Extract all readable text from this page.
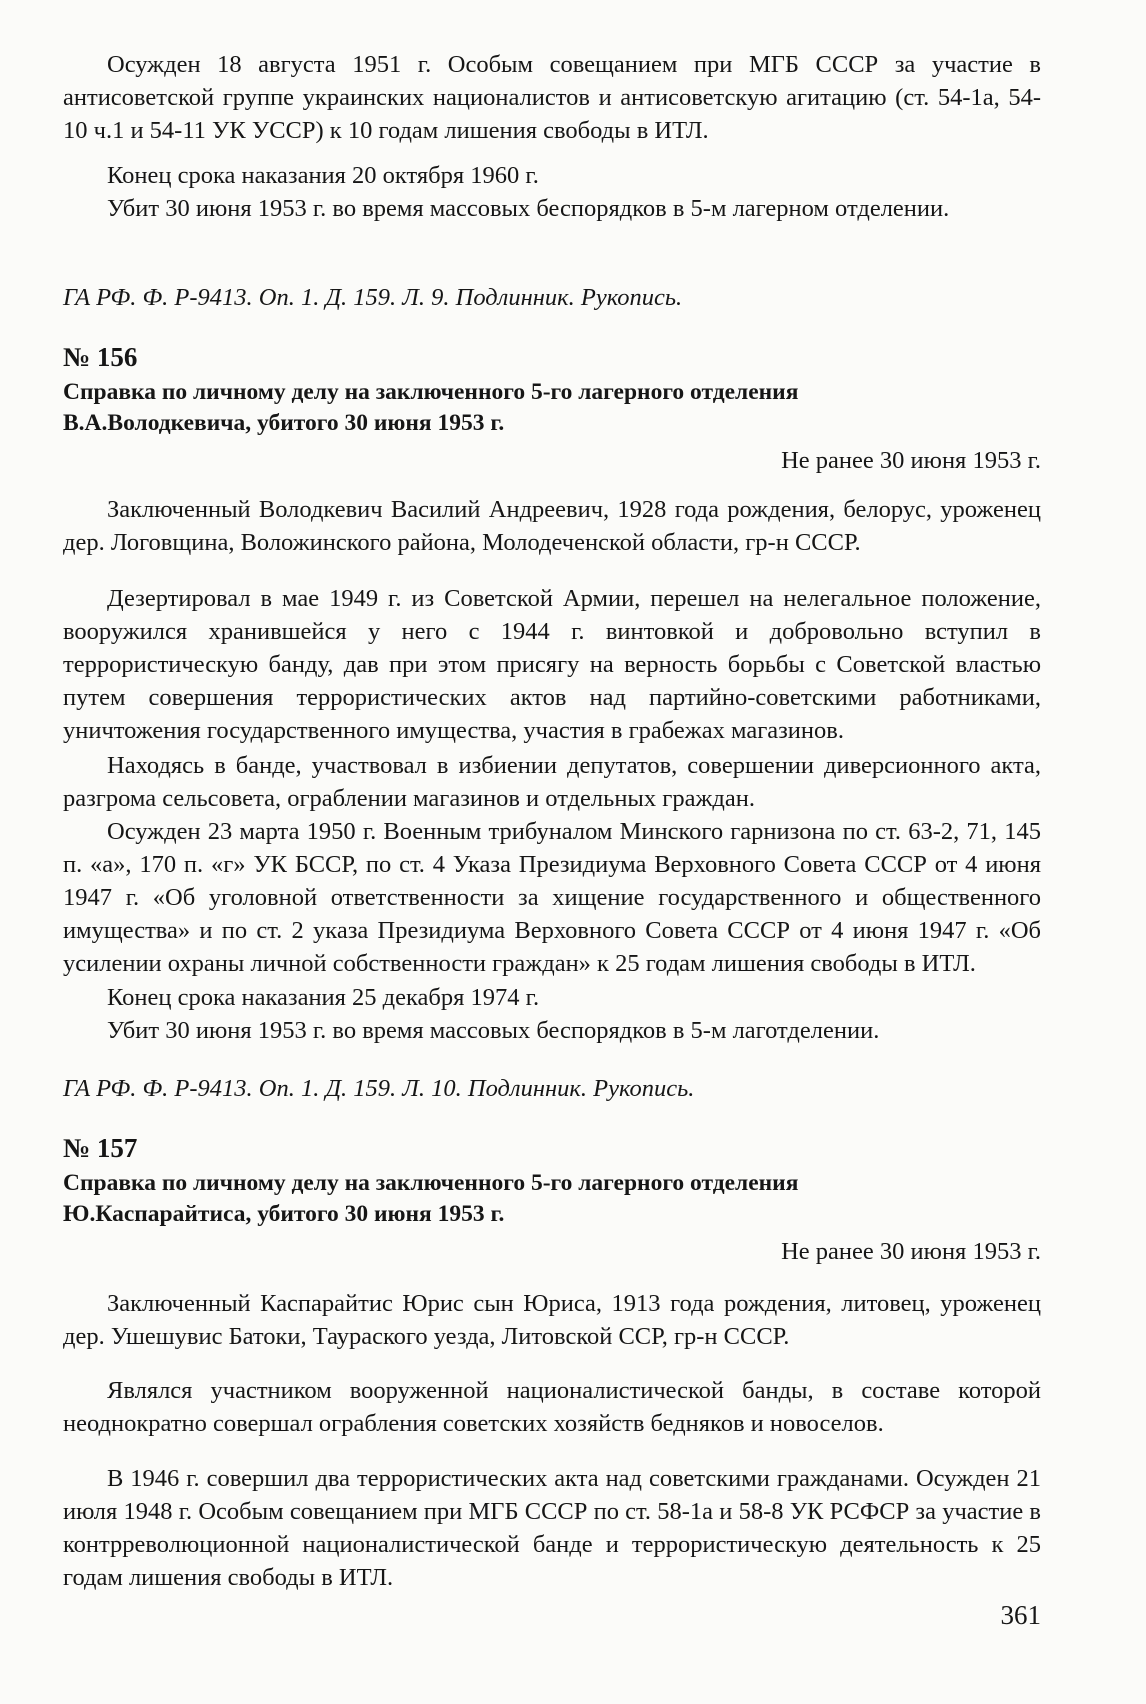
Осужден 18 августа 1951 г. Особым совещанием при МГБ СССР за участие в антисоветской группе украинских националистов и антисоветскую агитацию (ст. 54-1а, 54-10 ч.1 и 54-11 УК УССР) к 10 годам лишения свободы в ИТЛ.

Конец срока наказания 20 октября 1960 г.

Убит 30 июня 1953 г. во время массовых беспорядков в 5-м лагерном отделении.

ГА РФ. Ф. Р-9413. Оп. 1. Д. 159. Л. 9. Подлинник. Рукопись.

№ 156

Справка по личному делу на заключенного 5-го лагерного отделения
В.А.Володкевича, убитого 30 июня 1953 г.

Не ранее 30 июня 1953 г.

Заключенный Володкевич Василий Андреевич, 1928 года рождения, белорус, уроженец дер. Логовщина, Воложинского района, Молодеченской области, гр-н СССР.

Дезертировал в мае 1949 г. из Советской Армии, перешел на нелегальное положение, вооружился хранившейся у него с 1944 г. винтовкой и добровольно вступил в террористическую банду, дав при этом присягу на верность борьбы с Советской властью путем совершения террористических актов над партийно-советскими работниками, уничтожения государственного имущества, участия в грабежах магазинов.

Находясь в банде, участвовал в избиении депутатов, совершении диверсионного акта, разгрома сельсовета, ограблении магазинов и отдельных граждан.

Осужден 23 марта 1950 г. Военным трибуналом Минского гарнизона по ст. 63-2, 71, 145 п. «а», 170 п. «г» УК БССР, по ст. 4 Указа Президиума Верховного Совета СССР от 4 июня 1947 г. «Об уголовной ответственности за хищение государственного и общественного имущества» и по ст. 2 указа Президиума Верховного Совета СССР от 4 июня 1947 г. «Об усилении охраны личной собственности граждан» к 25 годам лишения свободы в ИТЛ.

Конец срока наказания 25 декабря 1974 г.

Убит 30 июня 1953 г. во время массовых беспорядков в 5-м лаготделении.

ГА РФ. Ф. Р-9413. Оп. 1. Д. 159. Л. 10. Подлинник. Рукопись.

№ 157

Справка по личному делу на заключенного 5-го лагерного отделения
Ю.Каспарайтиса, убитого 30 июня 1953 г.

Не ранее 30 июня 1953 г.

Заключенный Каспарайтис Юрис сын Юриса, 1913 года рождения, литовец, уроженец дер. Ушешувис Батоки, Таураского уезда, Литовской ССР, гр-н СССР.

Являлся участником вооруженной националистической банды, в составе которой неоднократно совершал ограбления советских хозяйств бедняков и новоселов.

В 1946 г. совершил два террористических акта над советскими гражданами. Осужден 21 июля 1948 г. Особым совещанием при МГБ СССР по ст. 58-1а и 58-8 УК РСФСР за участие в контрреволюционной националистической банде и террористическую деятельность к 25 годам лишения свободы в ИТЛ.

361
